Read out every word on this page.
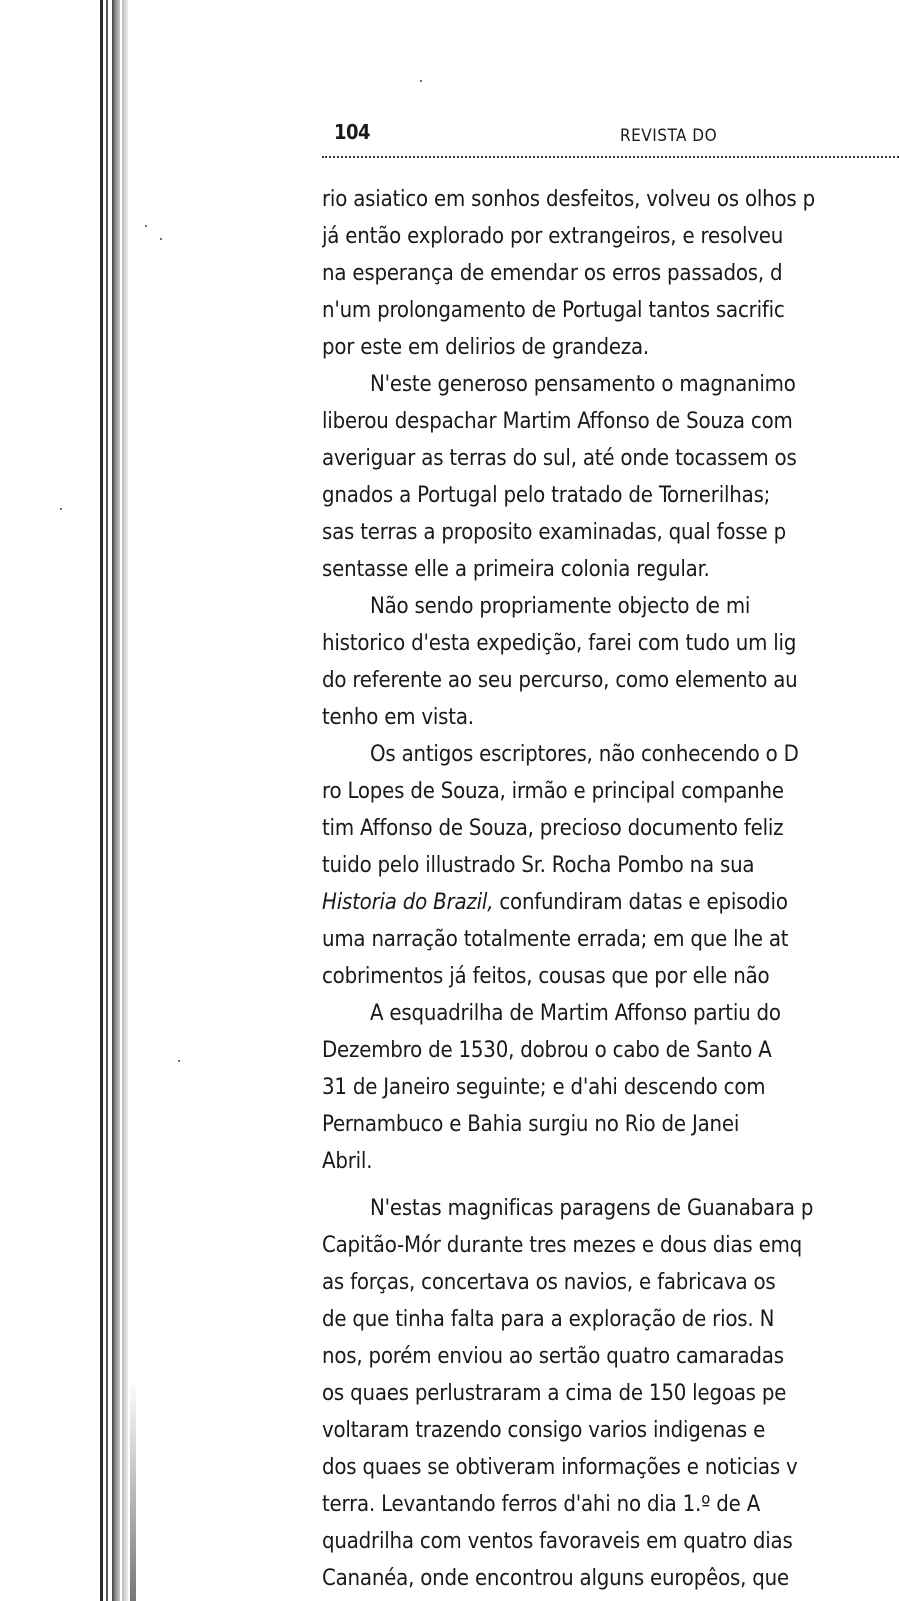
104	REVISTA DO
rio asiatico em sonhos desfeitos, volveu os olhos p
já então explorado por extrangeiros, e resolveu
na esperança de emendar os erros passados, d
n'um prolongamento de Portugal tantos sacrific
por este em delirios de grandeza.
N'este generoso pensamento o magnanimo
liberou despachar Martim Affonso de Souza com
averiguar as terras do sul, até onde tocassem os
gnados a Portugal pelo tratado de Tornerilhas;
sas terras a proposito examinadas, qual fosse p
sentasse elle a primeira colonia regular.
Não sendo propriamente objecto de mi
historico d'esta expedição, farei com tudo um lig
do referente ao seu percurso, como elemento au
tenho em vista.
Os antigos escriptores, não conhecendo o D
ro Lopes de Souza, irmão e principal companhe
tim Affonso de Souza, precioso documento feliz
tuido pelo illustrado Sr. Rocha Pombo na sua
Historia do Brazil, confundiram datas e episodio
uma narração totalmente errada; em que lhe at
cobrimentos já feitos, cousas que por elle não
A esquadrilha de Martim Affonso partiu do
Dezembro de 1530, dobrou o cabo de Santo A
31 de Janeiro seguinte; e d'ahi descendo com
Pernambuco e Bahia surgiu no Rio de Janei
Abril.
N'estas magnificas paragens de Guanabara p
Capitão-Mór durante tres mezes e dous dias emq
as forças, concertava os navios, e fabricava os
de que tinha falta para a exploração de rios. N
nos, porém enviou ao sertão quatro camaradas
os quaes perlustraram a cima de 150 legoas pe
voltaram trazendo consigo varios indigenas e
dos quaes se obtiveram informações e noticias v
terra. Levantando ferros d'ahi no dia 1.º de A
quadrilha com ventos favoraveis em quatro dias
Cananéa, onde encontrou alguns europêos, que
